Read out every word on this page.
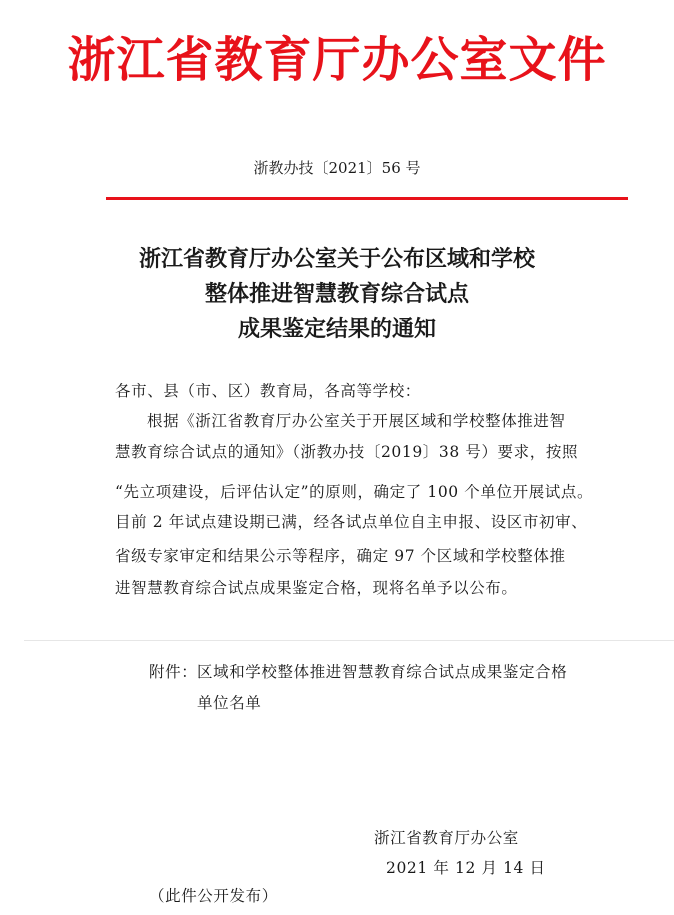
浙江省教育厅办公室文件
浙教办技〔2021〕56 号
浙江省教育厅办公室关于公布区域和学校
整体推进智慧教育综合试点
成果鉴定结果的通知
各市、县（市、区）教育局，各高等学校：
根据《浙江省教育厅办公室关于开展区域和学校整体推进智
慧教育综合试点的通知》（浙教办技〔2019〕38 号）要求，按照
“先立项建设，后评估认定”的原则，确定了 100 个单位开展试点。
目前 2 年试点建设期已满，经各试点单位自主申报、设区市初审、
省级专家审定和结果公示等程序，确定 97 个区域和学校整体推
进智慧教育综合试点成果鉴定合格，现将名单予以公布。
附件： 区域和学校整体推进智慧教育综合试点成果鉴定合格
单位名单
浙江省教育厅办公室
2021 年 12 月 14 日
（此件公开发布）
